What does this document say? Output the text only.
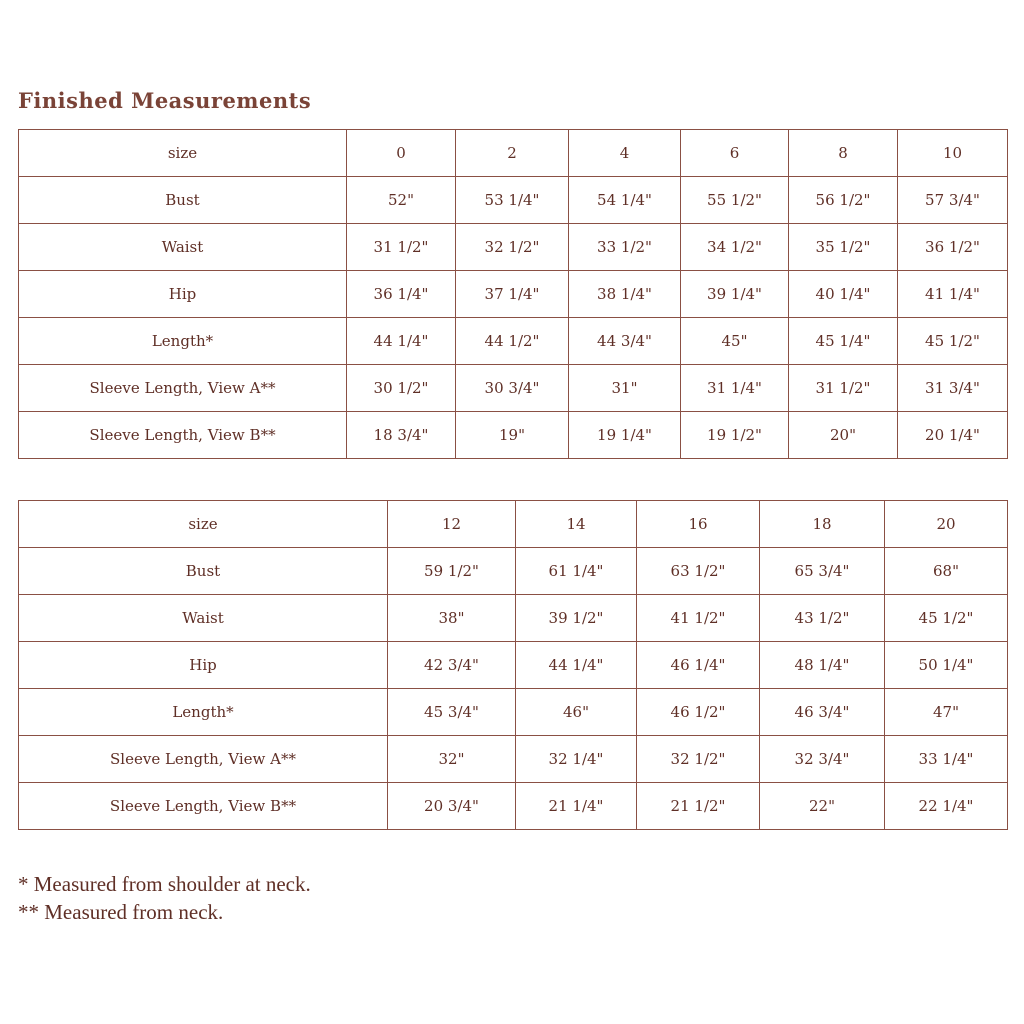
Finished Measurements
size	0	2	4	6	8	10
Bust	52"	53 1/4"	54 1/4"	55 1/2"	56 1/2"	57 3/4"
Waist	31 1/2"	32 1/2"	33 1/2"	34 1/2"	35 1/2"	36 1/2"
Hip	36 1/4"	37 1/4"	38 1/4"	39 1/4"	40 1/4"	41 1/4"
Length*	44 1/4"	44 1/2"	44 3/4"	45"	45 1/4"	45 1/2"
Sleeve Length, View A**	30 1/2"	30 3/4"	31"	31 1/4"	31 1/2"	31 3/4"
Sleeve Length, View B**	18 3/4"	19"	19 1/4"	19 1/2"	20"	20 1/4"
size	12	14	16	18	20
Bust	59 1/2"	61 1/4"	63 1/2"	65 3/4"	68"
Waist	38"	39 1/2"	41 1/2"	43 1/2"	45 1/2"
Hip	42 3/4"	44 1/4"	46 1/4"	48 1/4"	50 1/4"
Length*	45 3/4"	46"	46 1/2"	46 3/4"	47"
Sleeve Length, View A**	32"	32 1/4"	32 1/2"	32 3/4"	33 1/4"
Sleeve Length, View B**	20 3/4"	21 1/4"	21 1/2"	22"	22 1/4"

* Measured from shoulder at neck.

** Measured from neck.
